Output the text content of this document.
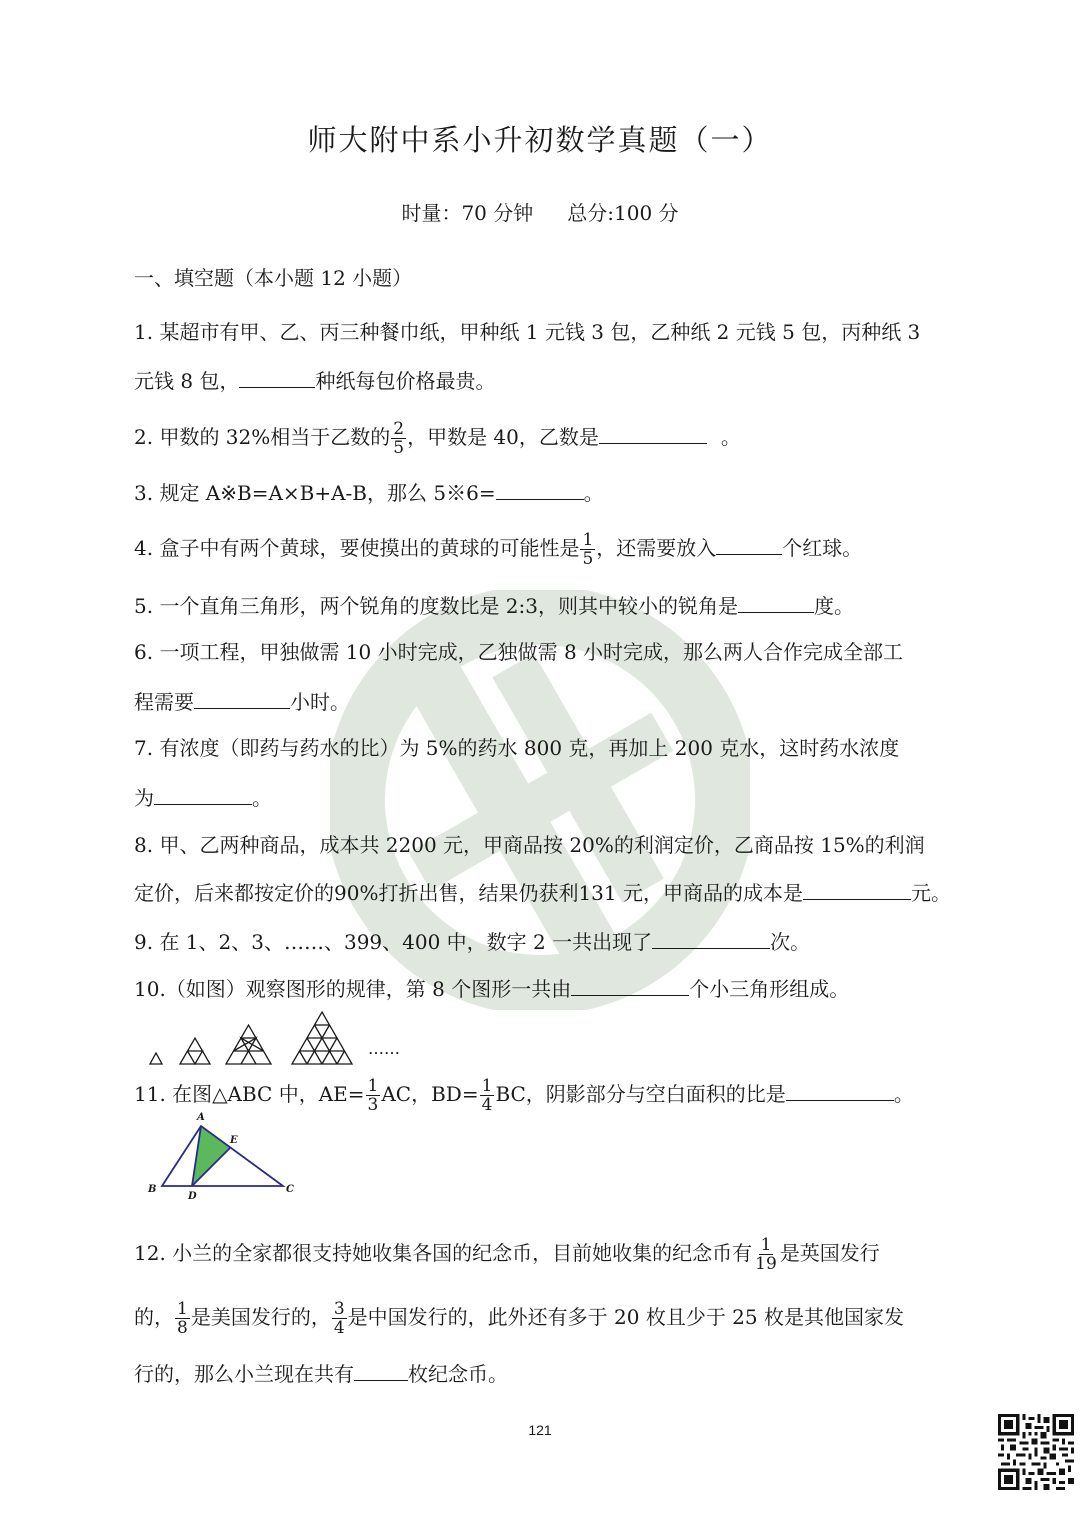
师大附中系小升初数学真题（一）
时量：70 分钟 总分:100 分
一、填空题（本小题 12 小题）
1. 某超市有甲、乙、丙三种餐巾纸，甲种纸 1 元钱 3 包，乙种纸 2 元钱 5 包，丙种纸 3
元钱 8 包，	种纸每包价格最贵。
2. 甲数的 32%相当于乙数的 $\frac{2}{5}$ ，甲数是 40，乙数是	。
3. 规定 A※B=A×B+A-B，那么 5※6=	。
4. 盒子中有两个黄球，要使摸出的黄球的可能性是 $\frac{1}{5}$ ，还需要放入	个红球。
5. 一个直角三角形，两个锐角的度数比是 2:3，则其中较小的锐角是	度。
6. 一项工程，甲独做需 10 小时完成，乙独做需 8 小时完成，那么两人合作完成全部工
程需要	小时。
7. 有浓度（即药与药水的比）为 5%的药水 800 克，再加上 200 克水，这时药水浓度
为	。
8. 甲、乙两种商品，成本共 2200 元，甲商品按 20%的利润定价，乙商品按 15%的利润
定价，后来都按定价的90%打折出售，结果仍获利131 元，甲商品的成本是	元。
9. 在 1、2、3、……、399、400 中，数字 2 一共出现了	次。
10.（如图）观察图形的规律，第 8 个图形一共由	个小三角形组成。
……
11. 在图△ABC 中，$AE= \frac{1}{3}$ AC，$BD= \frac{1}{4}$ BC，阴影部分与空白面积的比是	。
A
B	C
D
E
12. 小兰的全家都很支持她收集各国的纪念币，目前她收集的纪念币有 $\frac{1}{19}$ 是英国发行
的， $\frac{1}{8}$ 是美国发行的， $\frac{3}{4}$ 是中国发行的，此外还有多于 20 枚且少于 25 枚是其他国家发
行的，那么小兰现在共有	枚纪念币。
121
